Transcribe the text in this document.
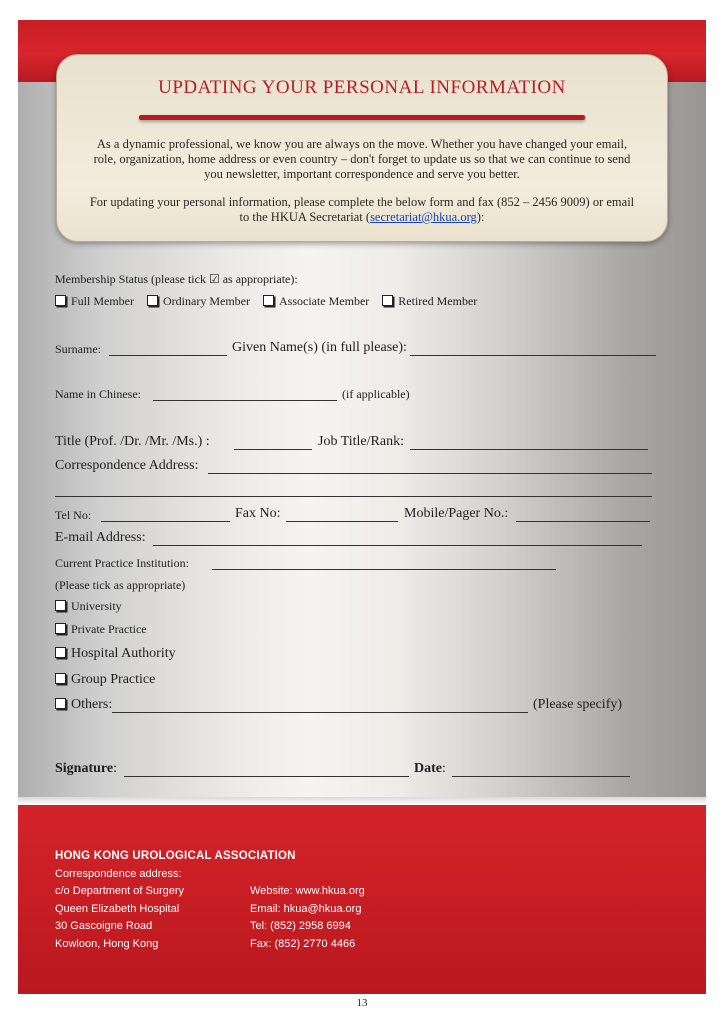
UPDATING YOUR PERSONAL INFORMATION

As a dynamic professional, we know you are always on the move. Whether you have changed your email, role, organization, home address or even country – don't forget to update us so that we can continue to send you newsletter, important correspondence and serve you better.

For updating your personal information, please complete the below form and fax (852 – 2456 9009) or email to the HKUA Secretariat (secretariat@hkua.org):

Membership Status (please tick ☑ as appropriate):
Full Member Ordinary Member Associate Member Retired Member
Surname:	Given Name(s) (in full please):
Name in Chinese:	(if applicable)
Title (Prof. /Dr. /Mr. /Ms.) :	Job Title/Rank:
Correspondence Address:
Tel No:	Fax No:	Mobile/Pager No.:
E-mail Address:
Current Practice Institution:
(Please tick as appropriate)
University
Private Practice
Hospital Authority
Group Practice
Others:	(Please specify)
Signature:	Date:
HONG KONG UROLOGICAL ASSOCIATION
Correspondence address:
c/o Department of Surgery
Queen Elizabeth Hospital
30 Gascoigne Road
Kowloon, Hong Kong
Website: www.hkua.org
Email: hkua@hkua.org
Tel: (852) 2958 6994
Fax: (852) 2770 4466
13
